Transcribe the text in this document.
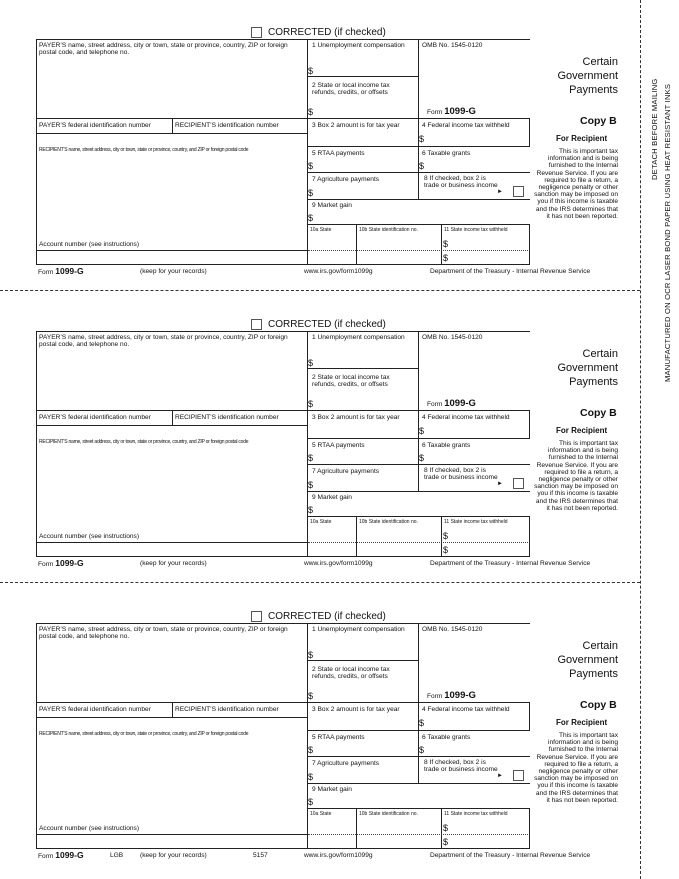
DETACH BEFORE MAILING MANUFACTURED ON OCR LASER BOND PAPER USING HEAT RESISTANT INKS
CORRECTED (if checked)
PAYER’S name, street address, city or town, state or province, country, ZIP or foreign postal code, and telephone no.
1 Unemployment compensation
$
OMB No. 1545-0120
2 State or local income tax refunds, credits, or offsets
$	Form 1099-G
Certain Government Payments
PAYER’S federal identification number	RECIPIENT’S identification number	3 Box 2 amount is for tax year	4 Federal income tax withheld
$
Copy B
For Recipient
RECIPIENT’S name, street address, city or town, state or province, country, and ZIP or foreign postal code	5 RTAA payments
$
6 Taxable grants
$
7 Agriculture payments
$
8 If checked, box 2 is trade or business income
►
9 Market gain
$
10a State	10b State identification no.	11 State income tax withheld
$
$
Account number (see instructions)
This is important tax information and is being furnished to the Internal Revenue Service. If you are required to file a return, a negligence penalty or other sanction may be imposed on you if this income is taxable and the IRS determines that it has not been reported.
Form 1099-G	(keep for your records)	www.irs.gov/form1099g	Department of the Treasury - Internal Revenue Service
CORRECTED (if checked)
PAYER’S name, street address, city or town, state or province, country, ZIP or foreign postal code, and telephone no.
1 Unemployment compensation
$
OMB No. 1545-0120
2 State or local income tax refunds, credits, or offsets
$	Form 1099-G
Certain Government Payments
PAYER’S federal identification number	RECIPIENT’S identification number	3 Box 2 amount is for tax year	4 Federal income tax withheld
$
Copy B
For Recipient
RECIPIENT’S name, street address, city or town, state or province, country, and ZIP or foreign postal code	5 RTAA payments
$
6 Taxable grants
$
7 Agriculture payments
$
8 If checked, box 2 is trade or business income
►
9 Market gain
$
10a State	10b State identification no.	11 State income tax withheld
$
$
Account number (see instructions)
This is important tax information and is being furnished to the Internal Revenue Service. If you are required to file a return, a negligence penalty or other sanction may be imposed on you if this income is taxable and the IRS determines that it has not been reported.
Form 1099-G	(keep for your records)	www.irs.gov/form1099g	Department of the Treasury - Internal Revenue Service
CORRECTED (if checked)
PAYER’S name, street address, city or town, state or province, country, ZIP or foreign postal code, and telephone no.
1 Unemployment compensation
$
OMB No. 1545-0120
2 State or local income tax refunds, credits, or offsets
$	Form 1099-G
Certain Government Payments
PAYER’S federal identification number	RECIPIENT’S identification number	3 Box 2 amount is for tax year	4 Federal income tax withheld
$
Copy B
For Recipient
RECIPIENT’S name, street address, city or town, state or province, country, and ZIP or foreign postal code	5 RTAA payments
$
6 Taxable grants
$
7 Agriculture payments
$
8 If checked, box 2 is trade or business income
►
9 Market gain
$
10a State	10b State identification no.	11 State income tax withheld
$
$
Account number (see instructions)
This is important tax information and is being furnished to the Internal Revenue Service. If you are required to file a return, a negligence penalty or other sanction may be imposed on you if this income is taxable and the IRS determines that it has not been reported.
Form 1099-G	LGB	(keep for your records)	5157	www.irs.gov/form1099g	Department of the Treasury - Internal Revenue Service
